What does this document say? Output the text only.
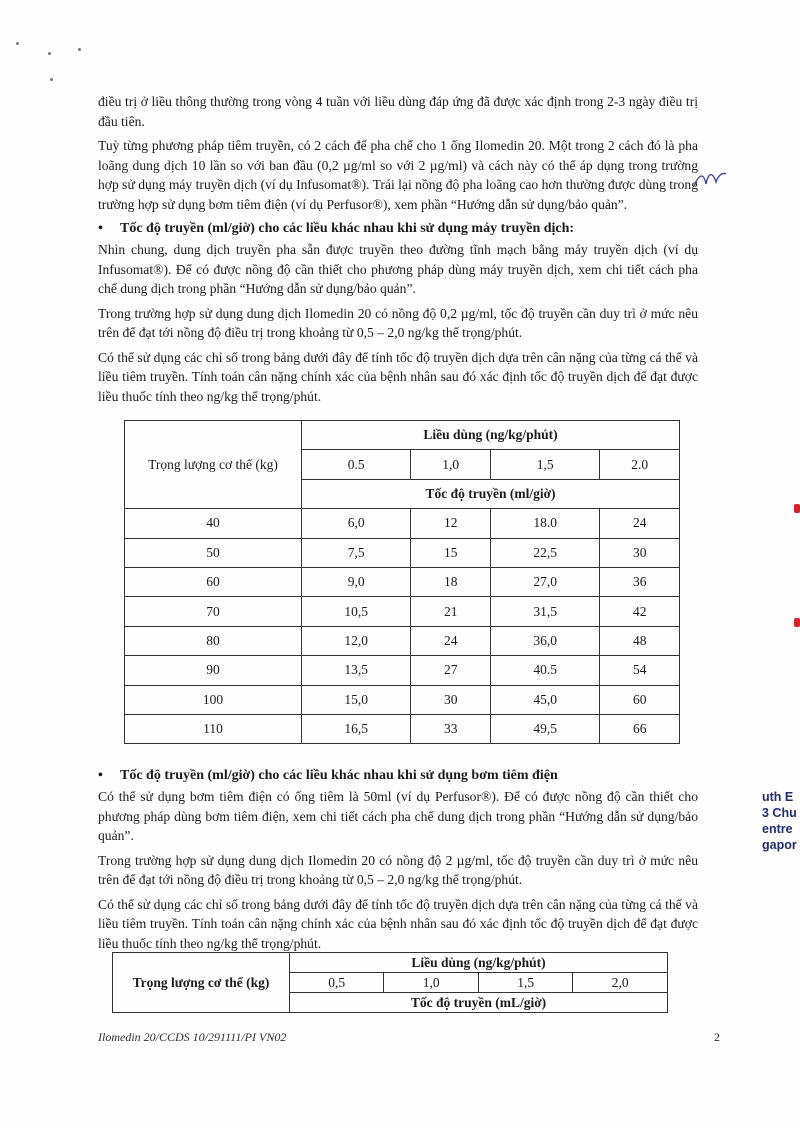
điều trị ở liều thông thường trong vòng 4 tuần với liều dùng đáp ứng đã được xác định trong 2-3 ngày điều trị đầu tiên.

Tuỳ từng phương pháp tiêm truyền, có 2 cách để pha chế cho 1 ống Ilomedin 20. Một trong 2 cách đó là pha loãng dung dịch 10 lần so với ban đầu (0,2 µg/ml so với 2 µg/ml) và cách này có thể áp dụng trong trường hợp sử dụng máy truyền dịch (ví dụ Infusomat®). Trái lại nồng độ pha loãng cao hơn thường được dùng trong trường hợp sử dụng bơm tiêm điện (ví dụ Perfusor®), xem phần “Hướng dẫn sử dụng/bảo quản”.

• Tốc độ truyền (ml/giờ) cho các liều khác nhau khi sử dụng máy truyền dịch:

Nhìn chung, dung dịch truyền pha sẵn được truyền theo đường tĩnh mạch bằng máy truyền dịch (ví dụ Infusomat®). Để có được nồng độ cần thiết cho phương pháp dùng máy truyền dịch, xem chi tiết cách pha chế dung dịch trong phần “Hướng dẫn sử dụng/bảo quản”.

Trong trường hợp sử dụng dung dịch Ilomedin 20 có nồng độ 0,2 µg/ml, tốc độ truyền cần duy trì ở mức nêu trên để đạt tới nồng độ điều trị trong khoảng từ 0,5 – 2,0 ng/kg thể trọng/phút.

Có thể sử dụng các chỉ số trong bảng dưới đây để tính tốc độ truyền dịch dựa trên cân nặng của từng cá thể và liều tiêm truyền. Tính toán cân nặng chính xác của bệnh nhân sau đó xác định tốc độ truyền dịch để đạt được liều thuốc tính theo ng/kg thể trọng/phút.

Trọng lượng cơ thể (kg)	Liều dùng (ng/kg/phút)			
	0.5	1,0	1,5	2.0
	Tốc độ truyền (ml/giờ)			
40	6,0	12	18.0	24
50	7,5	15	22,5	30
60	9,0	18	27,0	36
70	10,5	21	31,5	42
80	12,0	24	36,0	48
90	13,5	27	40.5	54
100	15,0	30	45,0	60
110	16,5	33	49,5	66
• Tốc độ truyền (ml/giờ) cho các liều khác nhau khi sử dụng bơm tiêm điện

Có thể sử dụng bơm tiêm điện có ống tiêm là 50ml (ví dụ Perfusor®). Để có được nồng độ cần thiết cho phương pháp dùng bơm tiêm điện, xem chi tiết cách pha chế dung dịch trong phần “Hướng dẫn sử dụng/bảo quản”.

Trong trường hợp sử dụng dung dịch Ilomedin 20 có nồng độ 2 µg/ml, tốc độ truyền cần duy trì ở mức nêu trên để đạt tới nồng độ điều trị trong khoảng từ 0,5 – 2,0 ng/kg thể trọng/phút.

Có thể sử dụng các chỉ số trong bảng dưới đây để tính tốc độ truyền dịch dựa trên cân nặng của từng cá thể và liều tiêm truyền. Tính toán cân nặng chính xác của bệnh nhân sau đó xác định tốc độ truyền dịch để đạt được liều thuốc tính theo ng/kg thể trọng/phút.

Trọng lượng cơ thể (kg)	Liều dùng (ng/kg/phút)			
	0,5	1,0	1,5	2,0
	Tốc độ truyền (mL/giờ)			
Ilomedin 20/CCDS 10/291111/PI VN02	2
uth E
3 Chu
entre
gapor
